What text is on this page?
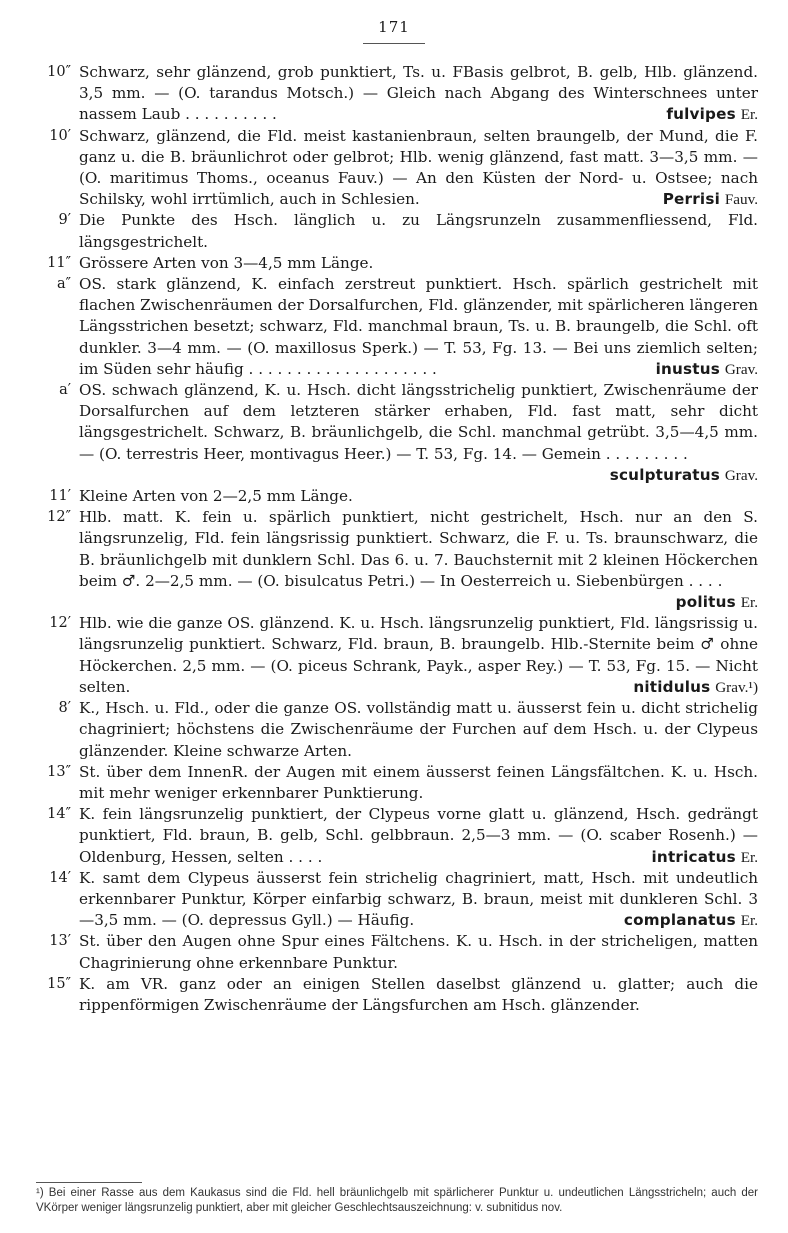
171
10″ Schwarz, sehr glänzend, grob punktiert, Ts. u. FBasis gelbrot, B. gelb, Hlb. glänzend. 3,5 mm. — (O. tarandus Motsch.) — Gleich nach Abgang des Winterschnees unter nassem Laub . . . . . . . . . .	fulvipes Er.
10′ Schwarz, glänzend, die Fld. meist kastanienbraun, selten braungelb, der Mund, die F. ganz u. die B. bräunlichrot oder gelbrot; Hlb. wenig glänzend, fast matt. 3—3,5 mm. — (O. maritimus Thoms., oceanus Fauv.) — An den Küsten der Nord- u. Ostsee; nach Schilsky, wohl irrtümlich, auch in Schlesien.	Perrisi Fauv.
9′ Die Punkte des Hsch. länglich u. zu Längsrunzeln zusammenfliessend, Fld. längsgestrichelt.
11″ Grössere Arten von 3—4,5 mm Länge.
a″ OS. stark glänzend, K. einfach zerstreut punktiert. Hsch. spärlich gestrichelt mit flachen Zwischenräumen der Dorsalfurchen, Fld. glänzender, mit spärlicheren längeren Längsstrichen besetzt; schwarz, Fld. manchmal braun, Ts. u. B. braungelb, die Schl. oft dunkler. 3—4 mm. — (O. maxillosus Sperk.) — T. 53, Fg. 13. — Bei uns ziemlich selten; im Süden sehr häufig . . . . . . . . . . . . . . . . . . . .	inustus Grav.
a′ OS. schwach glänzend, K. u. Hsch. dicht längsstrichelig punktiert, Zwischenräume der Dorsalfurchen auf dem letzteren stärker erhaben, Fld. fast matt, sehr dicht längsgestrichelt. Schwarz, B. bräunlichgelb, die Schl. manchmal getrübt. 3,5—4,5 mm. — (O. terrestris Heer, montivagus Heer.) — T. 53, Fg. 14. — Gemein . . . . . . . . .
sculpturatus Grav.
11′ Kleine Arten von 2—2,5 mm Länge.
12″ Hlb. matt. K. fein u. spärlich punktiert, nicht gestrichelt, Hsch. nur an den S. längsrunzelig, Fld. fein längsrissig punktiert. Schwarz, die F. u. Ts. braunschwarz, die B. bräunlichgelb mit dunklern Schl. Das 6. u. 7. Bauchsternit mit 2 kleinen Höckerchen beim ♂. 2—2,5 mm. — (O. bisulcatus Petri.) — In Oesterreich u. Siebenbürgen . . . .
politus Er.
12′ Hlb. wie die ganze OS. glänzend. K. u. Hsch. längsrunzelig punktiert, Fld. längsrissig u. längsrunzelig punktiert. Schwarz, Fld. braun, B. braungelb. Hlb.-Sternite beim ♂ ohne Höckerchen. 2,5 mm. — (O. piceus Schrank, Payk., asper Rey.) — T. 53, Fg. 15. — Nicht selten.	nitidulus Grav.¹)
8′ K., Hsch. u. Fld., oder die ganze OS. vollständig matt u. äusserst fein u. dicht strichelig chagriniert; höchstens die Zwischenräume der Furchen auf dem Hsch. u. der Clypeus glänzender. Kleine schwarze Arten.
13″ St. über dem InnenR. der Augen mit einem äusserst feinen Längsfältchen. K. u. Hsch. mit mehr weniger erkennbarer Punktierung.
14″ K. fein längsrunzelig punktiert, der Clypeus vorne glatt u. glänzend, Hsch. gedrängt punktiert, Fld. braun, B. gelb, Schl. gelbbraun. 2,5—3 mm. — (O. scaber Rosenh.) — Oldenburg, Hessen, selten . . . .	intricatus Er.
14′ K. samt dem Clypeus äusserst fein strichelig chagriniert, matt, Hsch. mit undeutlich erkennbarer Punktur, Körper einfarbig schwarz, B. braun, meist mit dunkleren Schl. 3—3,5 mm. — (O. depressus Gyll.) — Häufig.	complanatus Er.
13′ St. über den Augen ohne Spur eines Fältchens. K. u. Hsch. in der stricheligen, matten Chagrinierung ohne erkennbare Punktur.
15″ K. am VR. ganz oder an einigen Stellen daselbst glänzend u. glatter; auch die rippenförmigen Zwischenräume der Längsfurchen am Hsch. glänzender.
¹) Bei einer Rasse aus dem Kaukasus sind die Fld. hell bräunlichgelb mit spärlicherer Punktur u. undeutlichen Längsstricheln; auch der VKörper weniger längsrunzelig punktiert, aber mit gleicher Geschlechtsauszeichnung: v. subnitidus nov.
